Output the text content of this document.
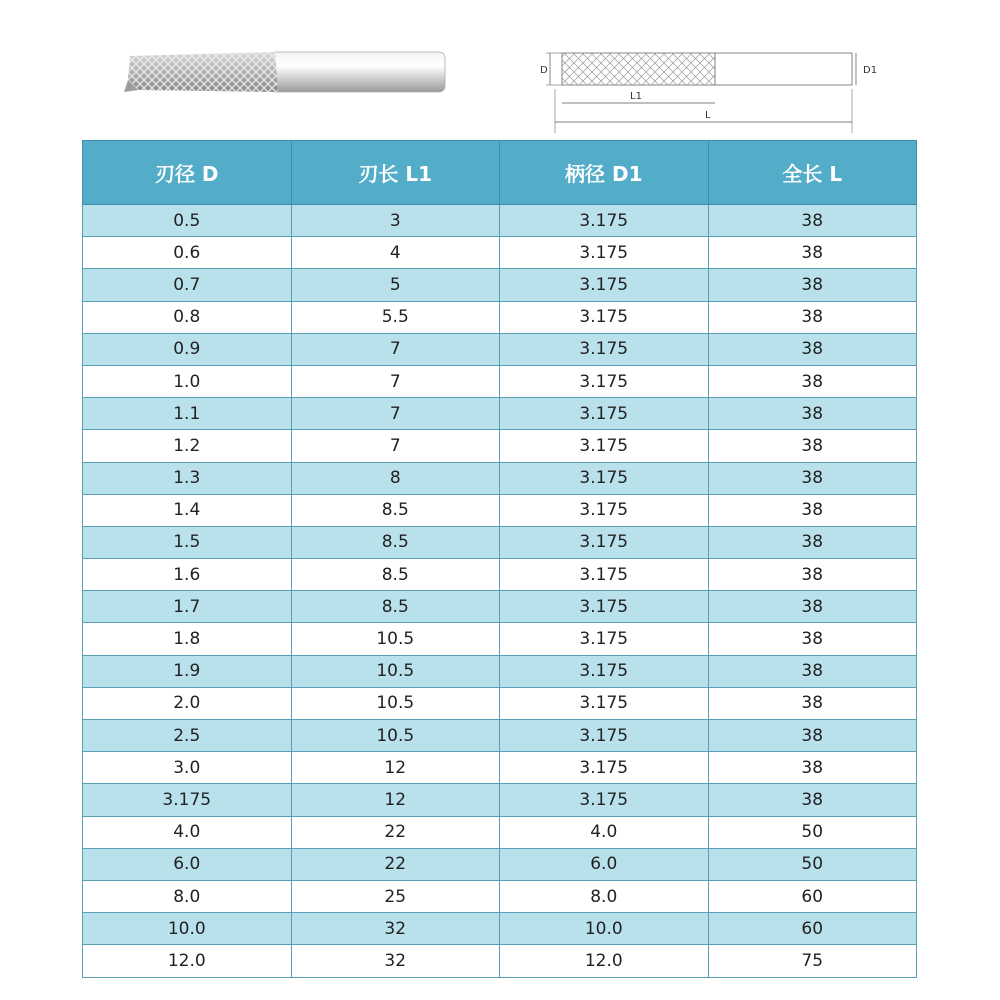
D	D1
L1
L
刃径 D	刃长 L1	柄径 D1	全长 L
0.5	3	3.175	38
0.6	4	3.175	38
0.7	5	3.175	38
0.8	5.5	3.175	38
0.9	7	3.175	38
1.0	7	3.175	38
1.1	7	3.175	38
1.2	7	3.175	38
1.3	8	3.175	38
1.4	8.5	3.175	38
1.5	8.5	3.175	38
1.6	8.5	3.175	38
1.7	8.5	3.175	38
1.8	10.5	3.175	38
1.9	10.5	3.175	38
2.0	10.5	3.175	38
2.5	10.5	3.175	38
3.0	12	3.175	38
3.175	12	3.175	38
4.0	22	4.0	50
6.0	22	6.0	50
8.0	25	8.0	60
10.0	32	10.0	60
12.0	32	12.0	75
